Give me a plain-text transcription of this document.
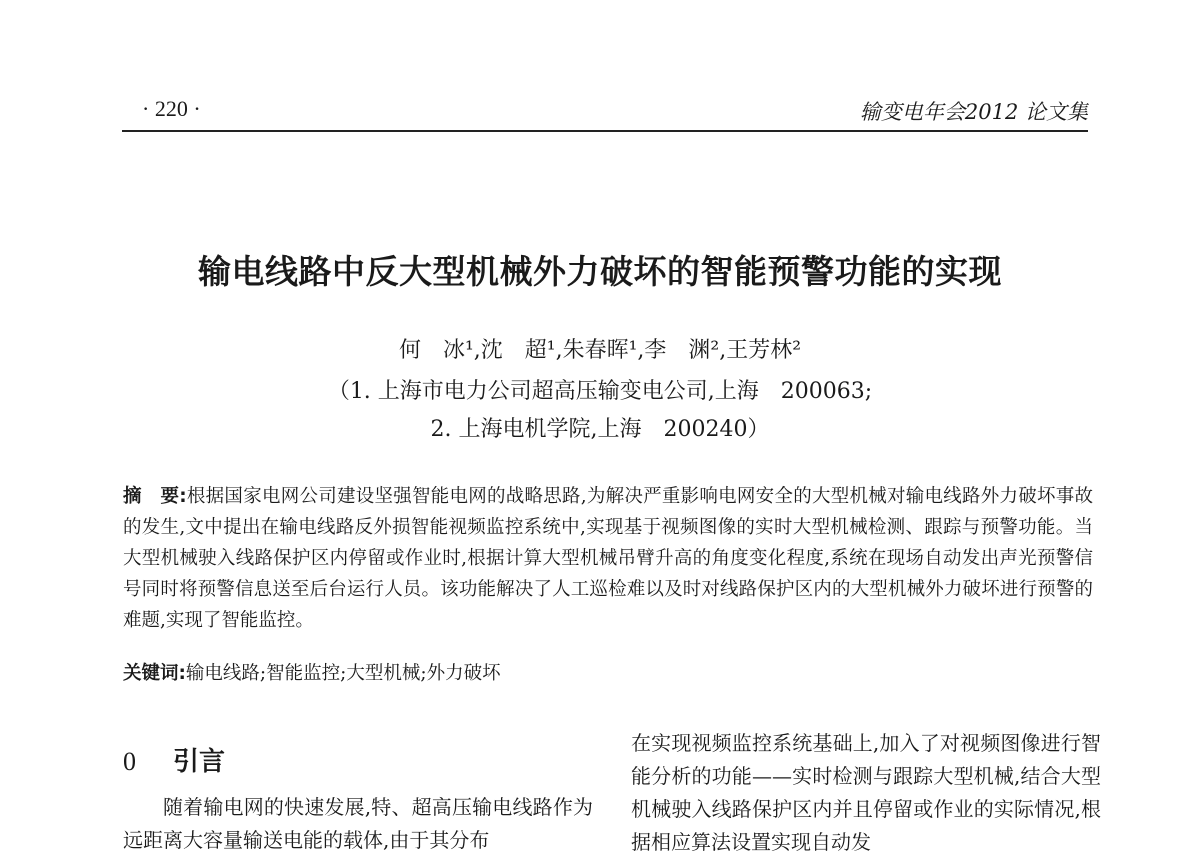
· 220 ·	输变电年会2012 论文集
输电线路中反大型机械外力破坏的智能预警功能的实现
何　冰¹,沈　超¹,朱春晖¹,李　渊²,王芳林²
（1. 上海市电力公司超高压输变电公司,上海　200063;
2. 上海电机学院,上海　200240）
摘　要:根据国家电网公司建设坚强智能电网的战略思路,为解决严重影响电网安全的大型机械对输电线路外力破坏事故的发生,文中提出在输电线路反外损智能视频监控系统中,实现基于视频图像的实时大型机械检测、跟踪与预警功能。当大型机械驶入线路保护区内停留或作业时,根据计算大型机械吊臂升高的角度变化程度,系统在现场自动发出声光预警信号同时将预警信息送至后台运行人员。该功能解决了人工巡检难以及时对线路保护区内的大型机械外力破坏进行预警的难题,实现了智能监控。
关键词:输电线路;智能监控;大型机械;外力破坏
0 引言
随着输电网的快速发展,特、超高压输电线路作为远距离大容量输送电能的载体,由于其分布
在实现视频监控系统基础上,加入了对视频图像进行智能分析的功能——实时检测与跟踪大型机械,结合大型机械驶入线路保护区内并且停留或作业的实际情况,根据相应算法设置实现自动发
